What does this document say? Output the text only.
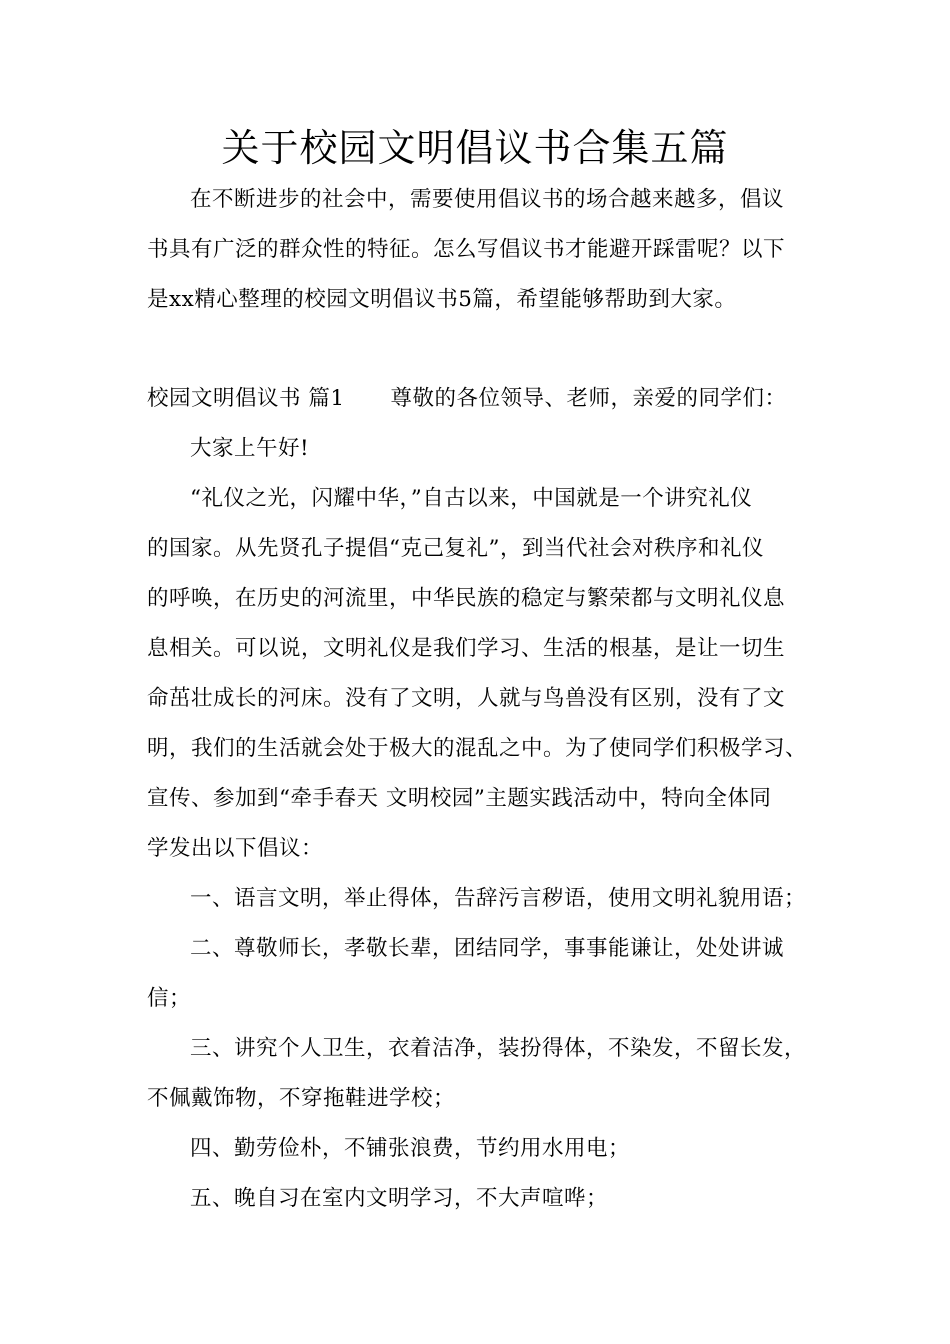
关于校园文明倡议书合集五篇
在不断进步的社会中，需要使用倡议书的场合越来越多，倡议
书具有广泛的群众性的特征。怎么写倡议书才能避开踩雷呢？以下
是xx精心整理的校园文明倡议书5篇，希望能够帮助到大家。
校园文明倡议书 篇1 尊敬的各位领导、老师，亲爱的同学们：
大家上午好!
“礼仪之光，闪耀中华，”自古以来，中国就是一个讲究礼仪
的国家。从先贤孔子提倡“克己复礼”，到当代社会对秩序和礼仪
的呼唤，在历史的河流里，中华民族的稳定与繁荣都与文明礼仪息
息相关。可以说，文明礼仪是我们学习、生活的根基，是让一切生
命茁壮成长的河床。没有了文明，人就与鸟兽没有区别，没有了文
明，我们的生活就会处于极大的混乱之中。为了使同学们积极学习、
宣传、参加到“牵手春天 文明校园”主题实践活动中，特向全体同
学发出以下倡议：
一、语言文明，举止得体，告辞污言秽语，使用文明礼貌用语；
二、尊敬师长，孝敬长辈，团结同学，事事能谦让，处处讲诚
信；
三、讲究个人卫生，衣着洁净，装扮得体，不染发，不留长发，
不佩戴饰物，不穿拖鞋进学校；
四、勤劳俭朴，不铺张浪费，节约用水用电；
五、晚自习在室内文明学习，不大声喧哗；
